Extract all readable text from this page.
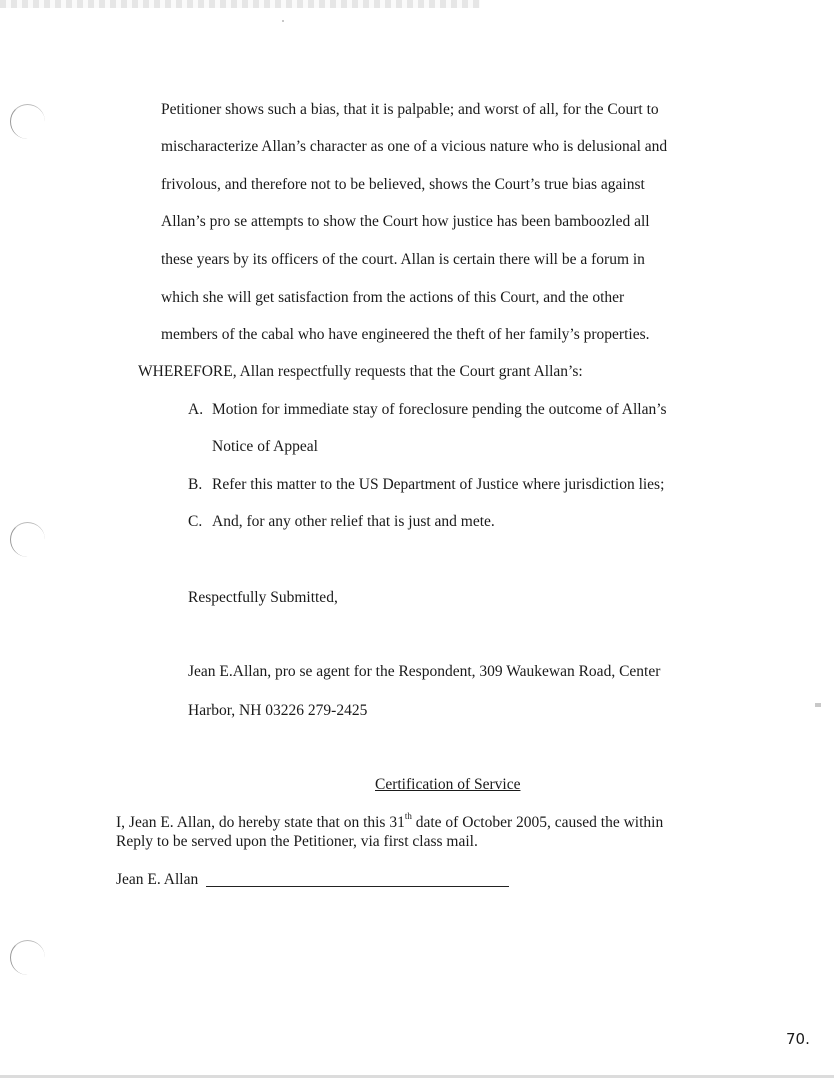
Petitioner shows such a bias, that it is palpable; and worst of all, for the Court to
mischaracterize Allan’s character as one of a vicious nature who is delusional and
frivolous, and therefore not to be believed, shows the Court’s true bias against
Allan’s pro se attempts to show the Court how justice has been bamboozled all
these years by its officers of the court. Allan is certain there will be a forum in
which she will get satisfaction from the actions of this Court, and the other
members of the cabal who have engineered the theft of her family’s properties.
WHEREFORE, Allan respectfully requests that the Court grant Allan’s:
A. Motion for immediate stay of foreclosure pending the outcome of Allan’s
Notice of Appeal
B. Refer this matter to the US Department of Justice where jurisdiction lies;
C. And, for any other relief that is just and mete.
Respectfully Submitted,
Jean E.Allan, pro se agent for the Respondent, 309 Waukewan Road, Center
Harbor, NH 03226 279-2425
Certification of Service
I, Jean E. Allan, do hereby state that on this 31th date of October 2005, caused the within
Reply to be served upon the Petitioner, via first class mail.
Jean E. Allan
70.
